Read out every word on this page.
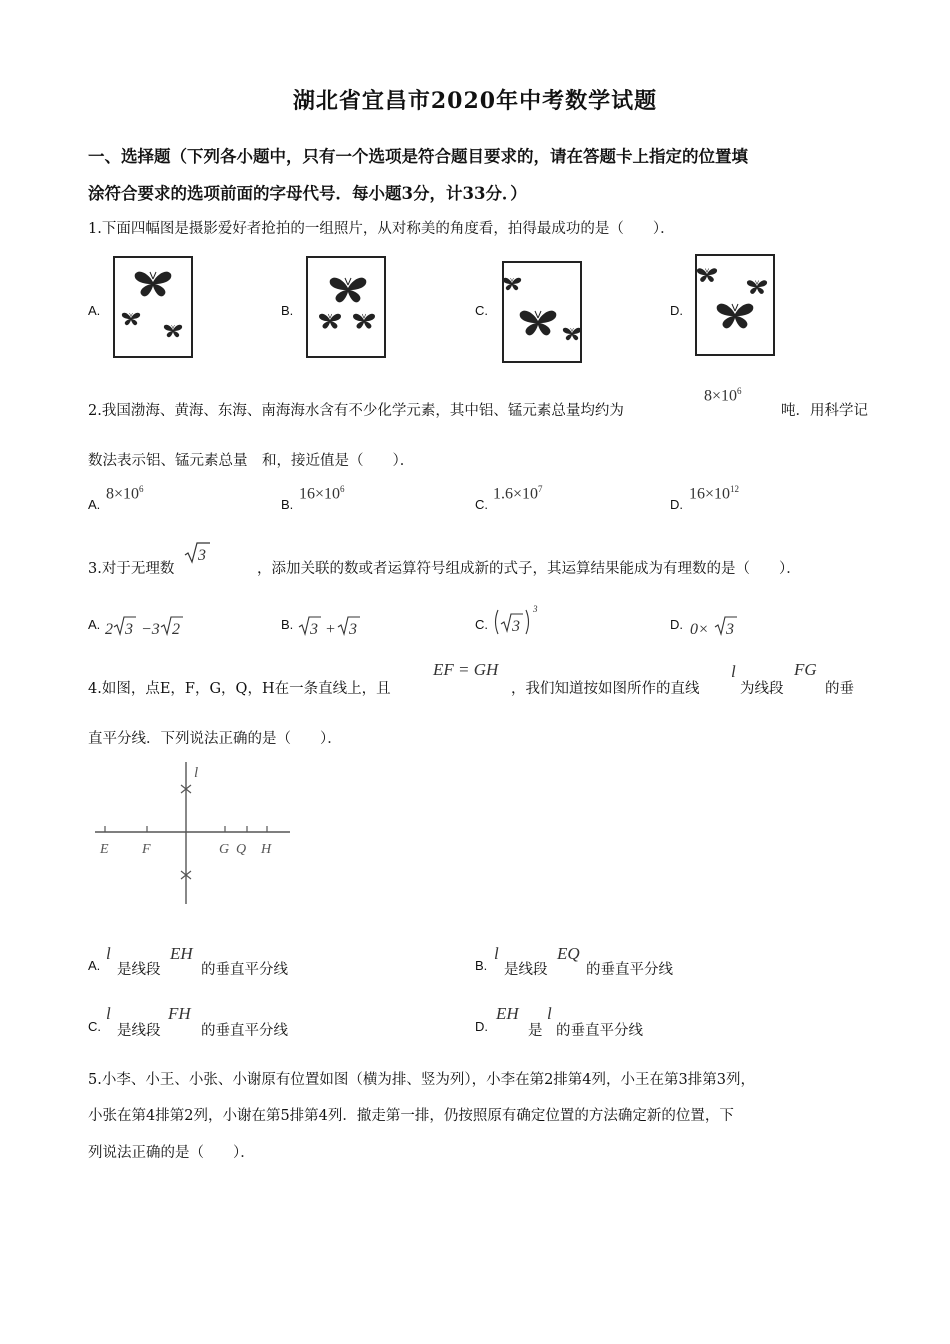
湖北省宜昌市2020年中考数学试题
一、选择题（下列各小题中，只有一个选项是符合题目要求的，请在答题卡上指定的位置填
涂符合要求的选项前面的字母代号．每小题3分，计33分．）
1.下面四幅图是摄影爱好者抢拍的一组照片，从对称美的角度看，拍得最成功的是（　　）．
A.	B.	C.	D.
2.我国渤海、黄海、东海、南海海水含有不少化学元素，其中铝、锰元素总量均约为
$8\times 10^6$
吨．用科学记
数法表示铝、锰元素总量　和，接近值是（　　）．
A.
$8\times 10^6$
B.
$16\times 10^6$
C.
$1.6\times 10^7$
D.
$16\times 10^{12}$
3.对于无理数
3
，添加关联的数或者运算符号组成新的式子，其运算结果能成为有理数的是（　　）．
A. 2 3 −3 2	B. 3 + 3	C. 3
3
D. 0× 3
4.如图，点E，F，G，Q，H在一条直线上，且
EF = GH
，我们知道按如图所作的直线
l
为线段
FG
的垂
直平分线．下列说法正确的是（　　）．
l
E F	G Q H
A.
l
是线段
EH
的垂直平分线	B.
l
是线段
EQ
的垂直平分线
C.
l
是线段
FH
的垂直平分线	D.
EH
是
l
的垂直平分线
5.小李、小王、小张、小谢原有位置如图（横为排、竖为列），小李在第2排第4列，小王在第3排第3列，
小张在第4排第2列，小谢在第5排第4列．撤走第一排，仍按照原有确定位置的方法确定新的位置，下
列说法正确的是（　　）．
